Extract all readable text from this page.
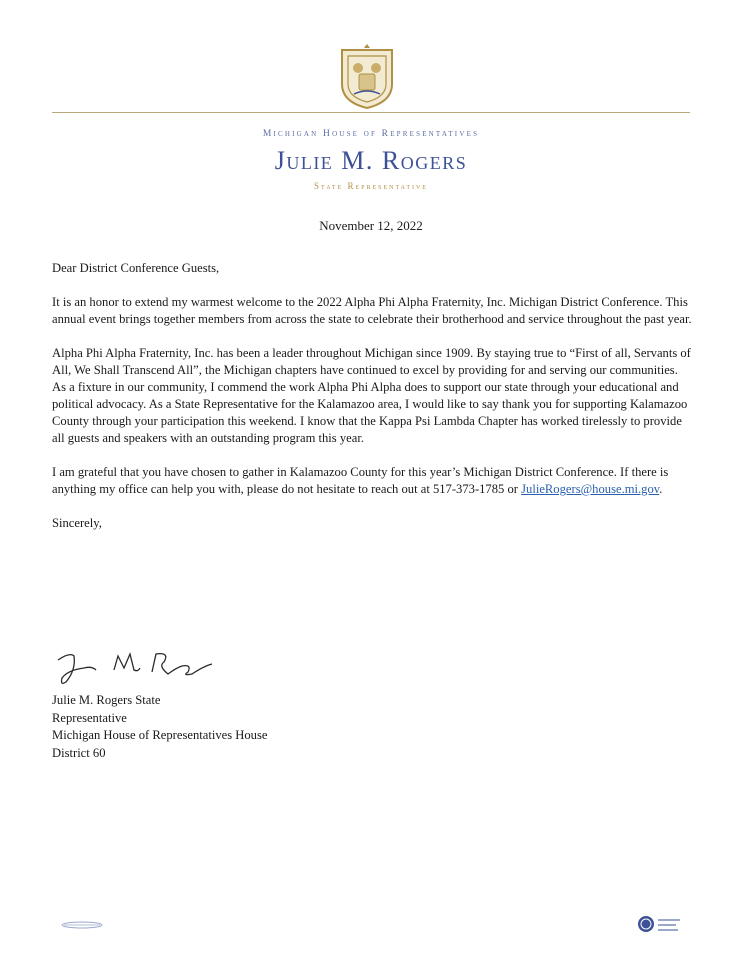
Michigan House of Representatives
Julie M. Rogers
State Representative
November 12, 2022

Dear District Conference Guests,

It is an honor to extend my warmest welcome to the 2022 Alpha Phi Alpha Fraternity, Inc. Michigan District Conference. This annual event brings together members from across the state to celebrate their brotherhood and service throughout the past year.

Alpha Phi Alpha Fraternity, Inc. has been a leader throughout Michigan since 1909. By staying true to “First of all, Servants of All, We Shall Transcend All”, the Michigan chapters have continued to excel by providing for and serving our communities. As a fixture in our community, I commend the work Alpha Phi Alpha does to support our state through your educational and political advocacy. As a State Representative for the Kalamazoo area, I would like to say thank you for supporting Kalamazoo County through your participation this weekend. I know that the Kappa Psi Lambda Chapter has worked tirelessly to provide all guests and speakers with an outstanding program this year.

I am grateful that you have chosen to gather in Kalamazoo County for this year’s Michigan District Conference. If there is anything my office can help you with, please do not hesitate to reach out at 517-373-1785 or JulieRogers@house.mi.gov.

Sincerely,

Julie M. Rogers State
Representative
Michigan House of Representatives House
District 60
